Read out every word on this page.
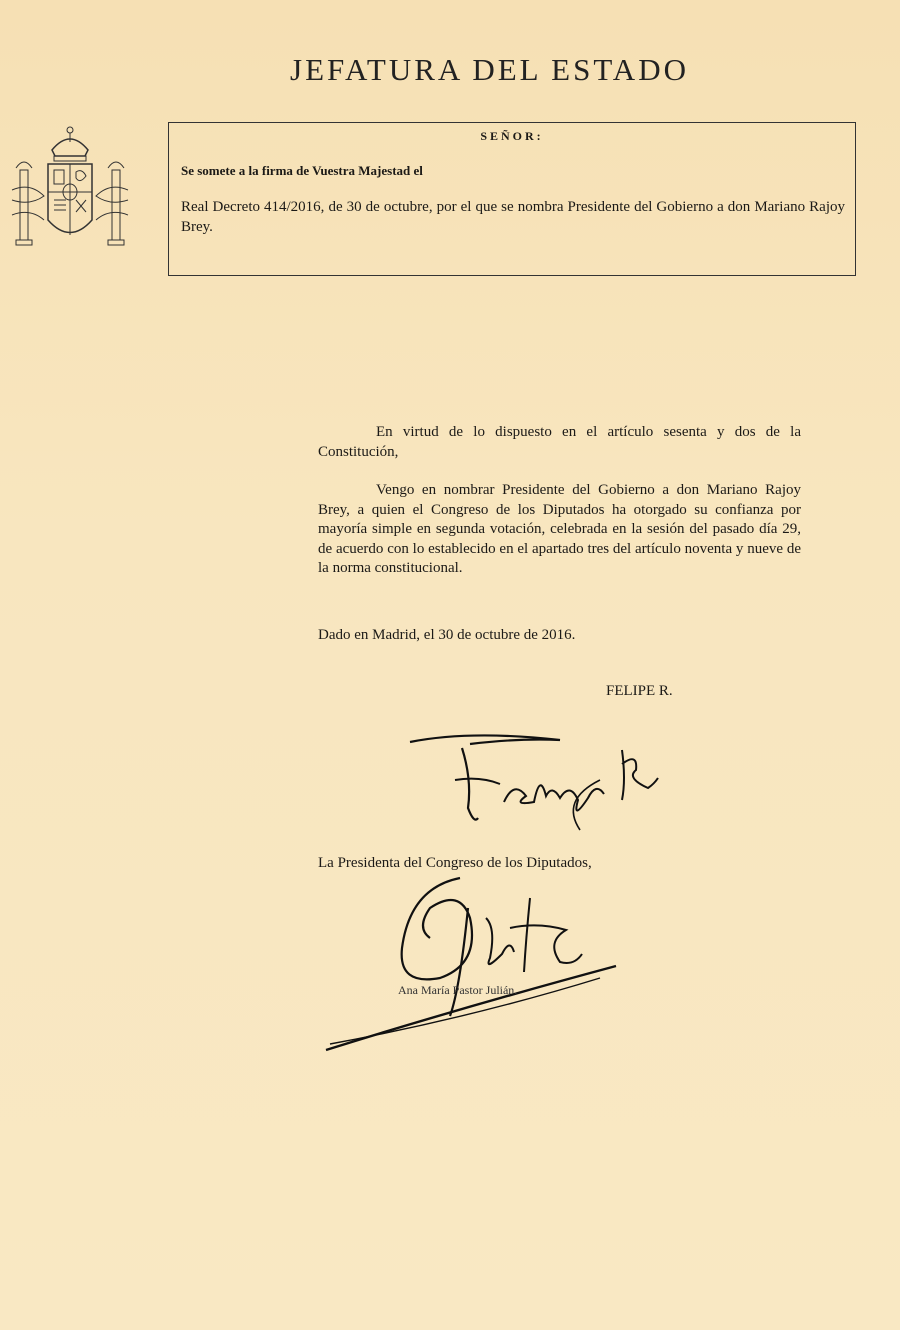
JEFATURA DEL ESTADO
SEÑOR:
Se somete a la firma de Vuestra Majestad el
Real Decreto 414/2016, de 30 de octubre, por el que se nombra Presidente del Gobierno a don Mariano Rajoy Brey.
En virtud de lo dispuesto en el artículo sesenta y dos de la Constitución,
Vengo en nombrar Presidente del Gobierno a don Mariano Rajoy Brey, a quien el Congreso de los Diputados ha otorgado su confianza por mayoría simple en segunda votación, celebrada en la sesión del pasado día 29, de acuerdo con lo establecido en el apartado tres del artículo noventa y nueve de la norma constitucional.
Dado en Madrid, el 30 de octubre de 2016.
FELIPE R.
La Presidenta del Congreso de los Diputados,
Ana María Pastor Julián.
